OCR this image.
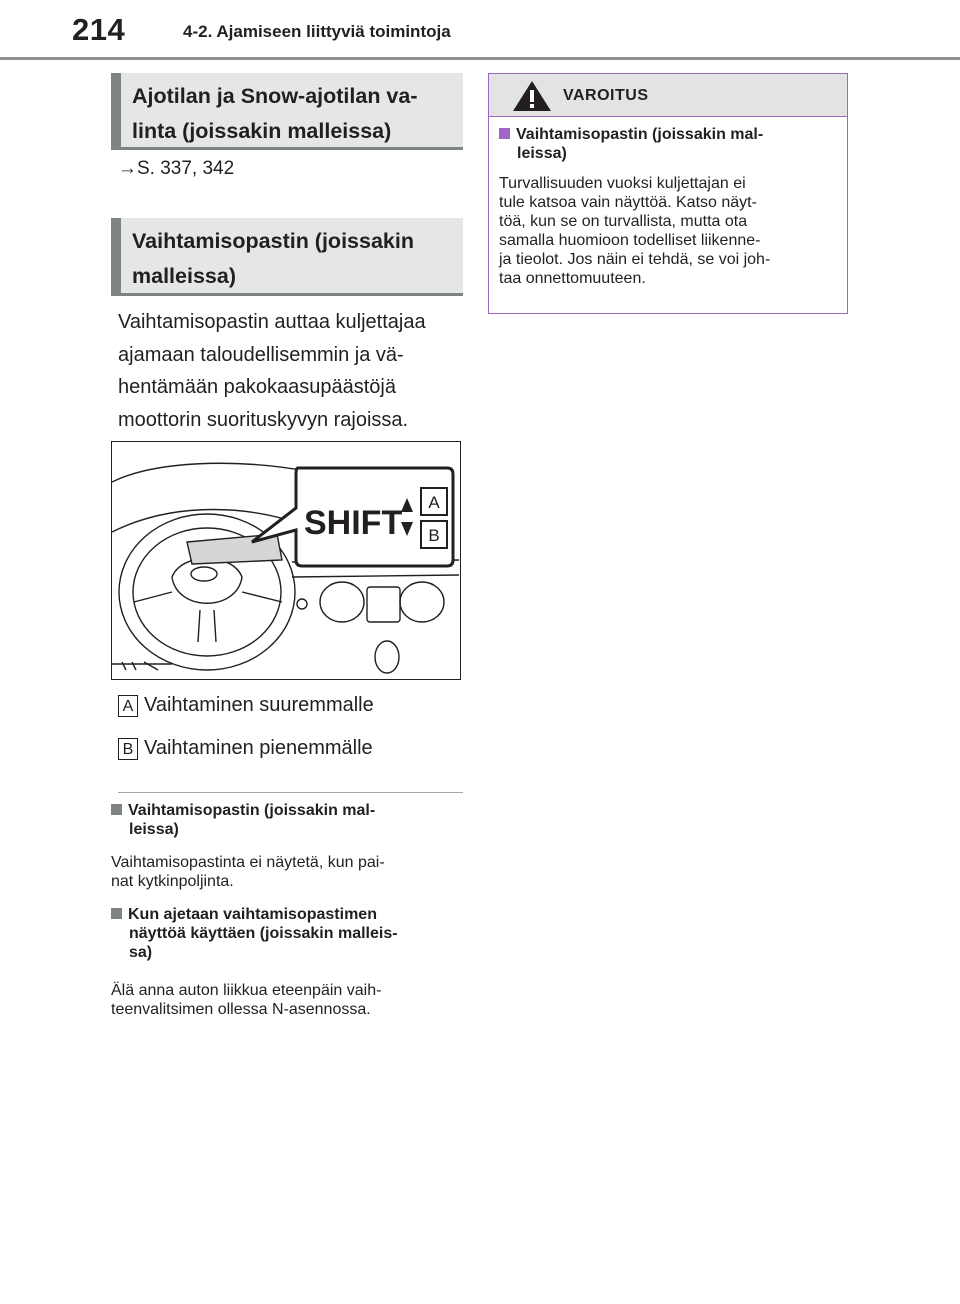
214	4-2. Ajamiseen liittyviä toimintoja
Ajotilan ja Snow-ajotilan va-
linta (joissakin malleissa)
→S. 337, 342
Vaihtamisopastin (joissakin
malleissa)
Vaihtamisopastin auttaa kuljettajaa
ajamaan taloudellisemmin ja vä-
hentämään pakokaasupäästöjä
moottorin suorituskyvyn rajoissa.
SHIFT
A
B
A Vaihtaminen suuremmalle
B Vaihtaminen pienemmälle
Vaihtamisopastin (joissakin mal-
leissa)
Vaihtamisopastinta ei näytetä, kun pai-
nat kytkinpoljinta.
Kun ajetaan vaihtamisopastimen
näyttöä käyttäen (joissakin malleis-
sa)
Älä anna auton liikkua eteenpäin vaih-
teenvalitsimen ollessa N-asennossa.
VAROITUS
Vaihtamisopastin (joissakin mal-
leissa)
Turvallisuuden vuoksi kuljettajan ei
tule katsoa vain näyttöä. Katso näyt-
töä, kun se on turvallista, mutta ota
samalla huomioon todelliset liikenne-
ja tieolot. Jos näin ei tehdä, se voi joh-
taa onnettomuuteen.
